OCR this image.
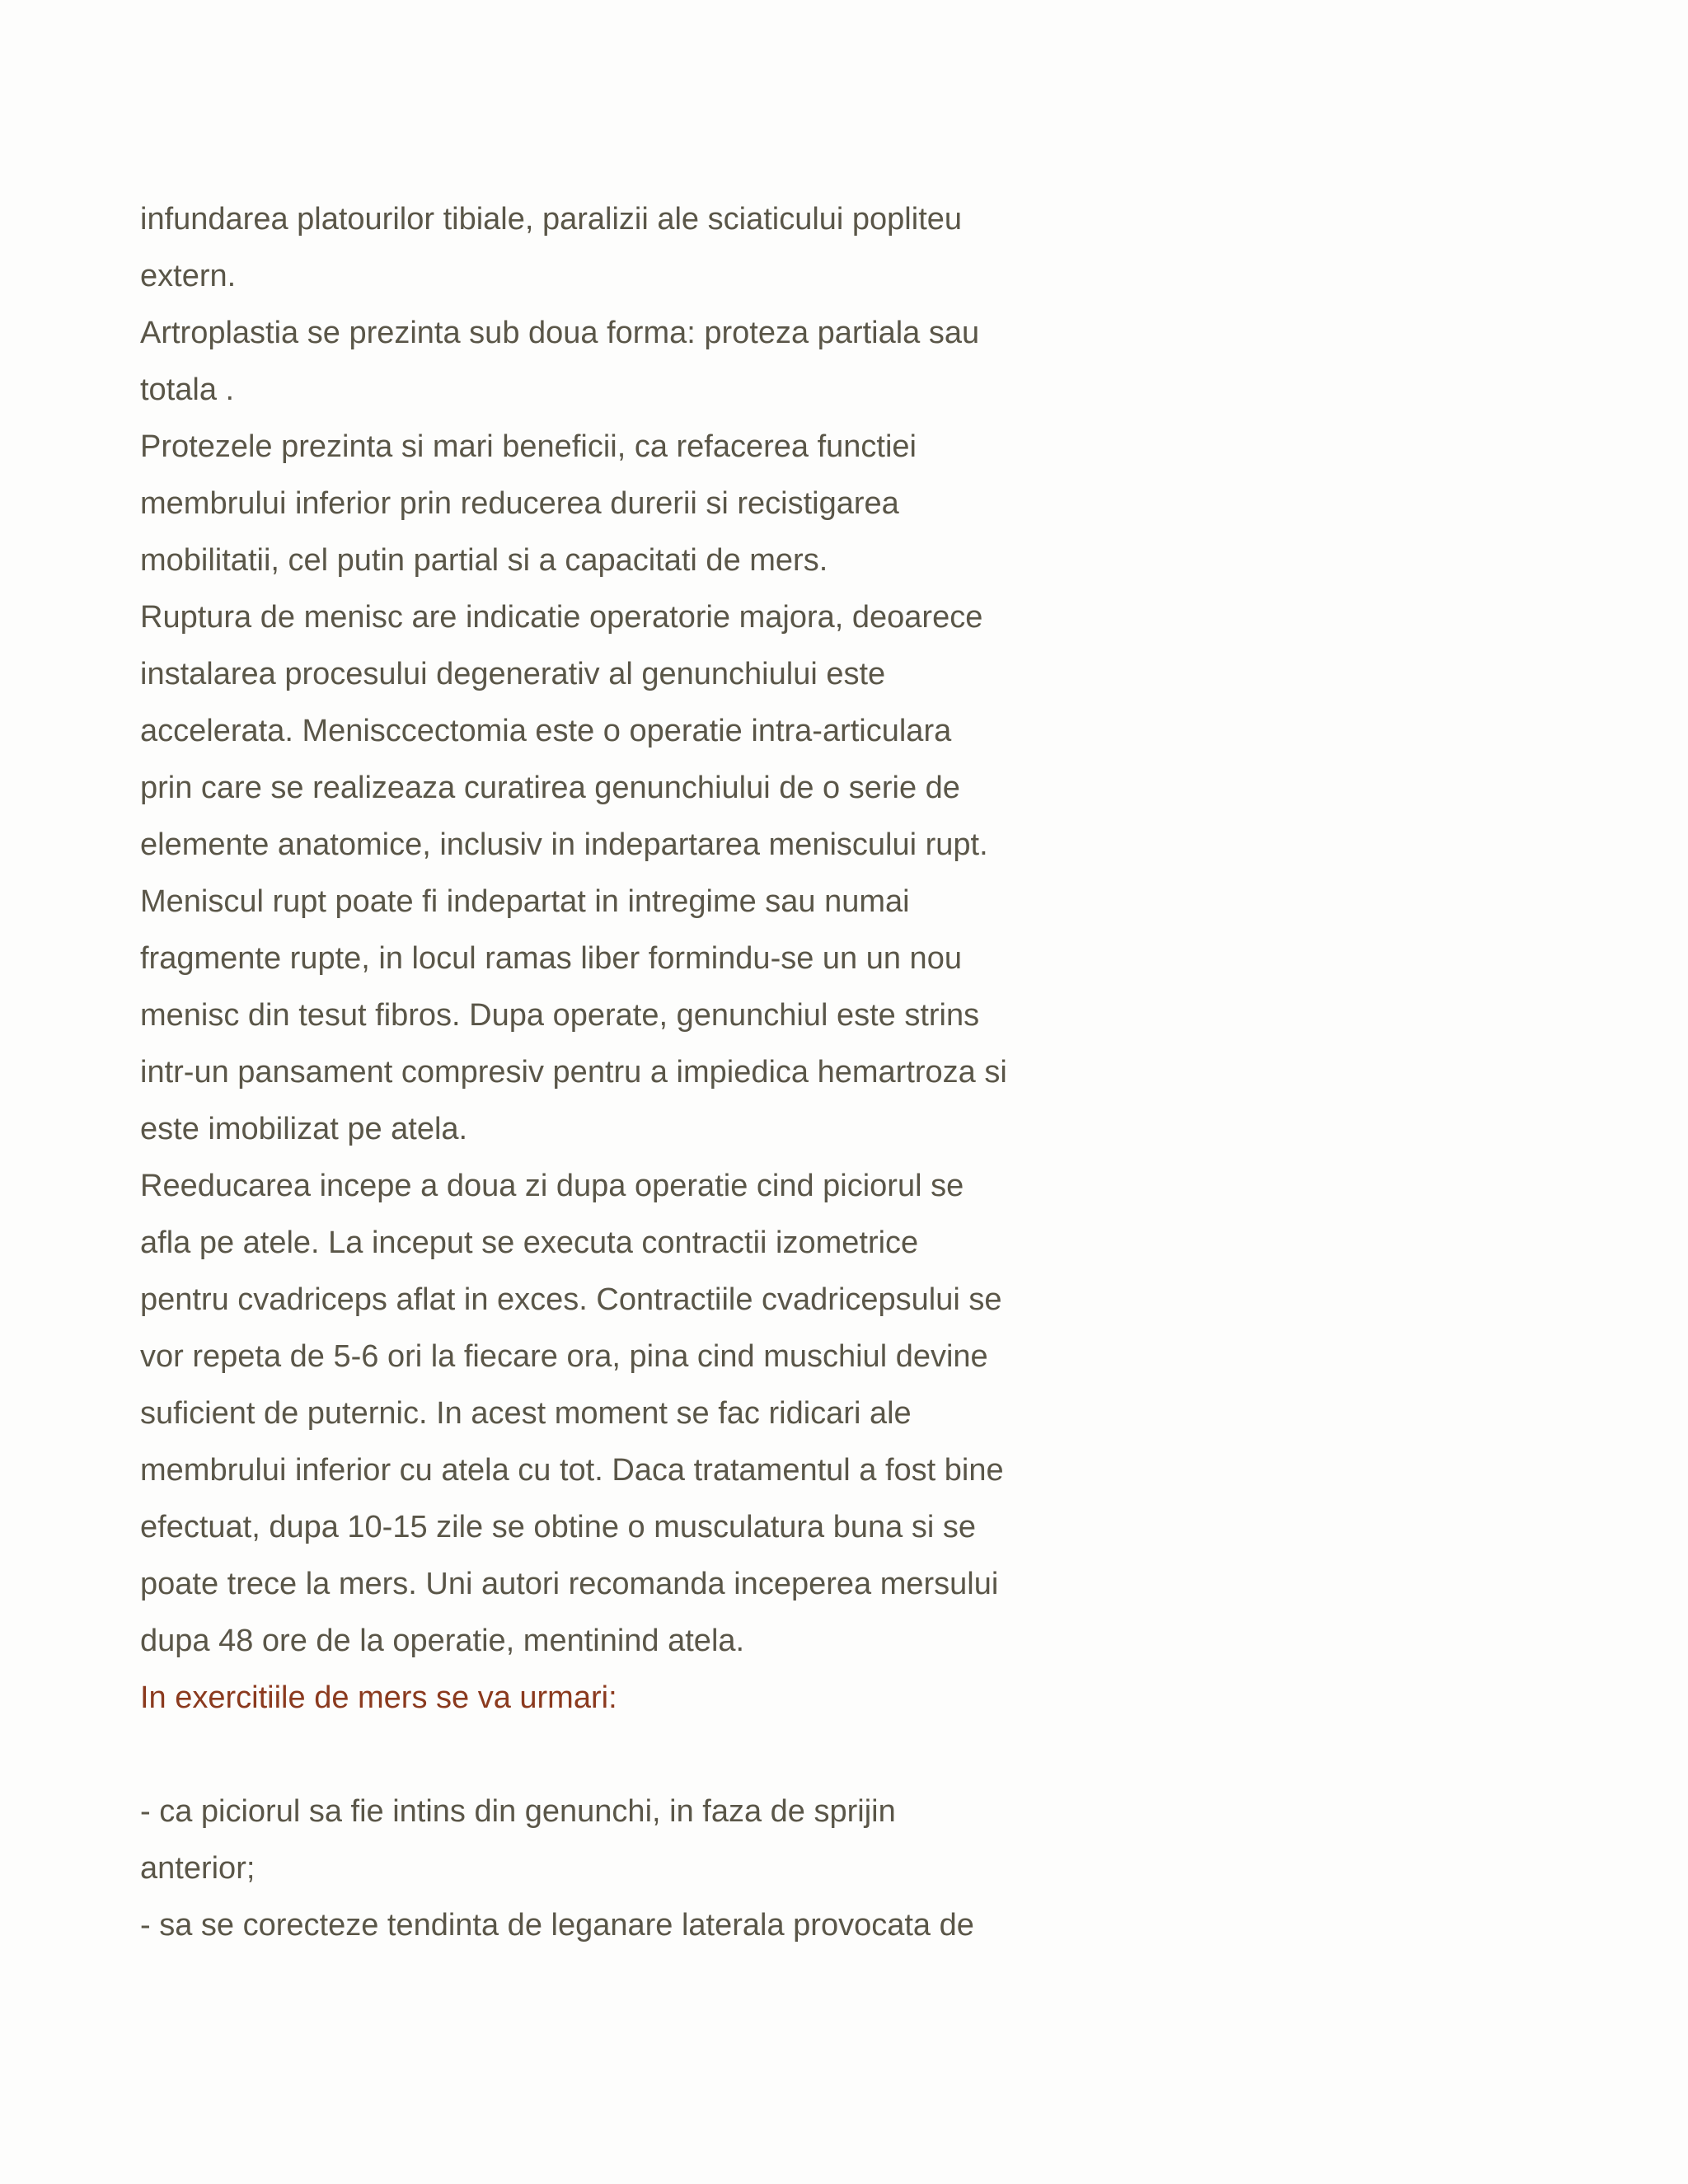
infundarea platourilor tibiale, paralizii ale sciaticului popliteu
extern.
Artroplastia se prezinta sub doua forma: proteza partiala sau
totala .
Protezele prezinta si mari beneficii, ca refacerea functiei
membrului inferior prin reducerea durerii si recistigarea
mobilitatii, cel putin partial si a capacitati de mers.
Ruptura de menisc are indicatie operatorie majora, deoarece
instalarea procesului degenerativ al genunchiului este
accelerata. Menisccectomia este o operatie intra-articulara
prin care se realizeaza curatirea genunchiului de o serie de
elemente anatomice, inclusiv in indepartarea meniscului rupt.
Meniscul rupt poate fi indepartat in intregime sau numai
fragmente rupte, in locul ramas liber formindu-se un un nou
menisc din tesut fibros. Dupa operate, genunchiul este strins
intr-un pansament compresiv pentru a impiedica hemartroza si
este imobilizat pe atela.
Reeducarea incepe a doua zi dupa operatie cind piciorul se
afla pe atele. La inceput se executa contractii izometrice
pentru cvadriceps aflat in exces. Contractiile cvadricepsului se
vor repeta de 5-6 ori la fiecare ora, pina cind muschiul devine
suficient de puternic. In acest moment se fac ridicari ale
membrului inferior cu atela cu tot. Daca tratamentul a fost bine
efectuat, dupa 10-15 zile se obtine o musculatura buna si se
poate trece la mers. Uni autori recomanda inceperea mersului
dupa 48 ore de la operatie, mentinind atela.
In exercitiile de mers se va urmari:
- ca piciorul sa fie intins din genunchi, in faza de sprijin
anterior;
- sa se corecteze tendinta de leganare laterala provocata de
